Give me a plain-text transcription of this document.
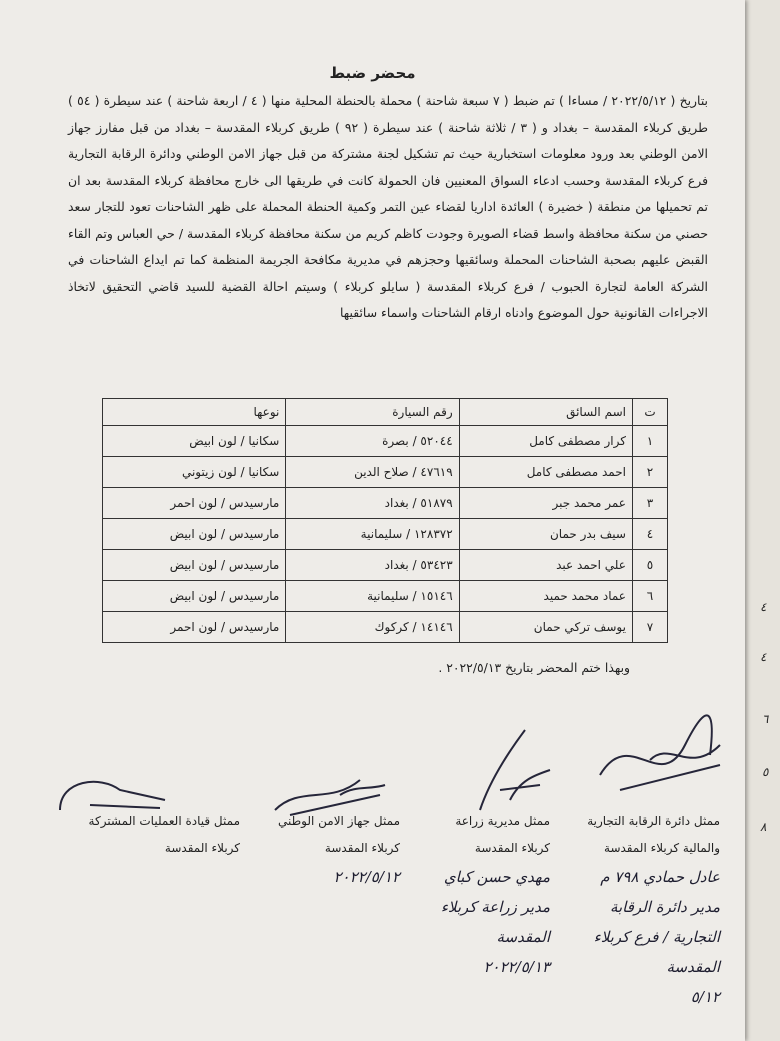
٤
٤
٦
٥
٨
محضر ضبط
بتاريخ ( ٢٠٢٢/٥/١٢ / مساءا ) تم ضبط ( ٧ سبعة شاحنة ) محملة بالحنطة المحلية منها ( ٤ / اربعة شاحنة ) عند سيطرة ( ٥٤ ) طريق كربلاء المقدسة – بغداد و ( ٣ / ثلاثة شاحنة ) عند سيطرة ( ٩٢ ) طريق كربلاء المقدسة – بغداد من قبل مفارز جهاز الامن الوطني بعد ورود معلومات استخبارية حيث تم تشكيل لجنة مشتركة من قبل جهاز الامن الوطني ودائرة الرقابة التجارية فرع كربلاء المقدسة وحسب ادعاء السواق المعنيين فان الحمولة كانت في طريقها الى خارج محافظة كربلاء المقدسة بعد ان تم تحميلها من منطقة ( خضيرة ) العائدة اداريا لقضاء عين التمر وكمية الحنطة المحملة على ظهر الشاحنات تعود للتجار سعد حصني من سكنة محافظة واسط قضاء الصويرة وجودت كاظم كريم من سكنة محافظة كربلاء المقدسة / حي العباس وتم القاء القبض عليهم بصحبة الشاحنات المحملة وسائقيها وحجزهم في مديرية مكافحة الجريمة المنظمة كما تم ايداع الشاحنات في الشركة العامة لتجارة الحبوب / فرع كربلاء المقدسة ( سايلو كربلاء ) وسيتم احالة القضية للسيد قاضي التحقيق لاتخاذ الاجراءات القانونية حول الموضوع وادناه ارقام الشاحنات واسماء سائقيها
ت	اسم السائق	رقم السيارة	نوعها
١	كرار مصطفى كامل	٥٢٠٤٤ / بصرة	سكانيا / لون ابيض
٢	احمد مصطفى كامل	٤٧٦١٩ / صلاح الدين	سكانيا / لون زيتوني
٣	عمر محمد جبر	٥١٨٧٩ / بغداد	مارسيدس / لون احمر
٤	سيف بدر حمان	١٢٨٣٧٢ / سليمانية	مارسيدس / لون ابيض
٥	علي احمد عبد	٥٣٤٢٣ / بغداد	مارسيدس / لون ابيض
٦	عماد محمد حميد	١٥١٤٦ / سليمانية	مارسيدس / لون ابيض
٧	يوسف تركي حمان	١٤١٤٦ / كركوك	مارسيدس / لون احمر
وبهذا ختم المحضر بتاريخ ٢٠٢٢/٥/١٣ .
ممثل دائرة الرقابة التجارية
والمالية كربلاء المقدسة
عادل حمادي ٧٩٨ م
مدير دائرة الرقابة
التجارية / فرع كربلاء
المقدسة
٥/١٢
ممثل مديرية زراعة
كربلاء المقدسة
مهدي حسن كباي
مدير زراعة كربلاء
المقدسة
٢٠٢٢/٥/١٣
ممثل جهاز الامن الوطني
كربلاء المقدسة
٢٠٢٢/٥/١٢
ممثل قيادة العمليات المشتركة
كربلاء المقدسة
